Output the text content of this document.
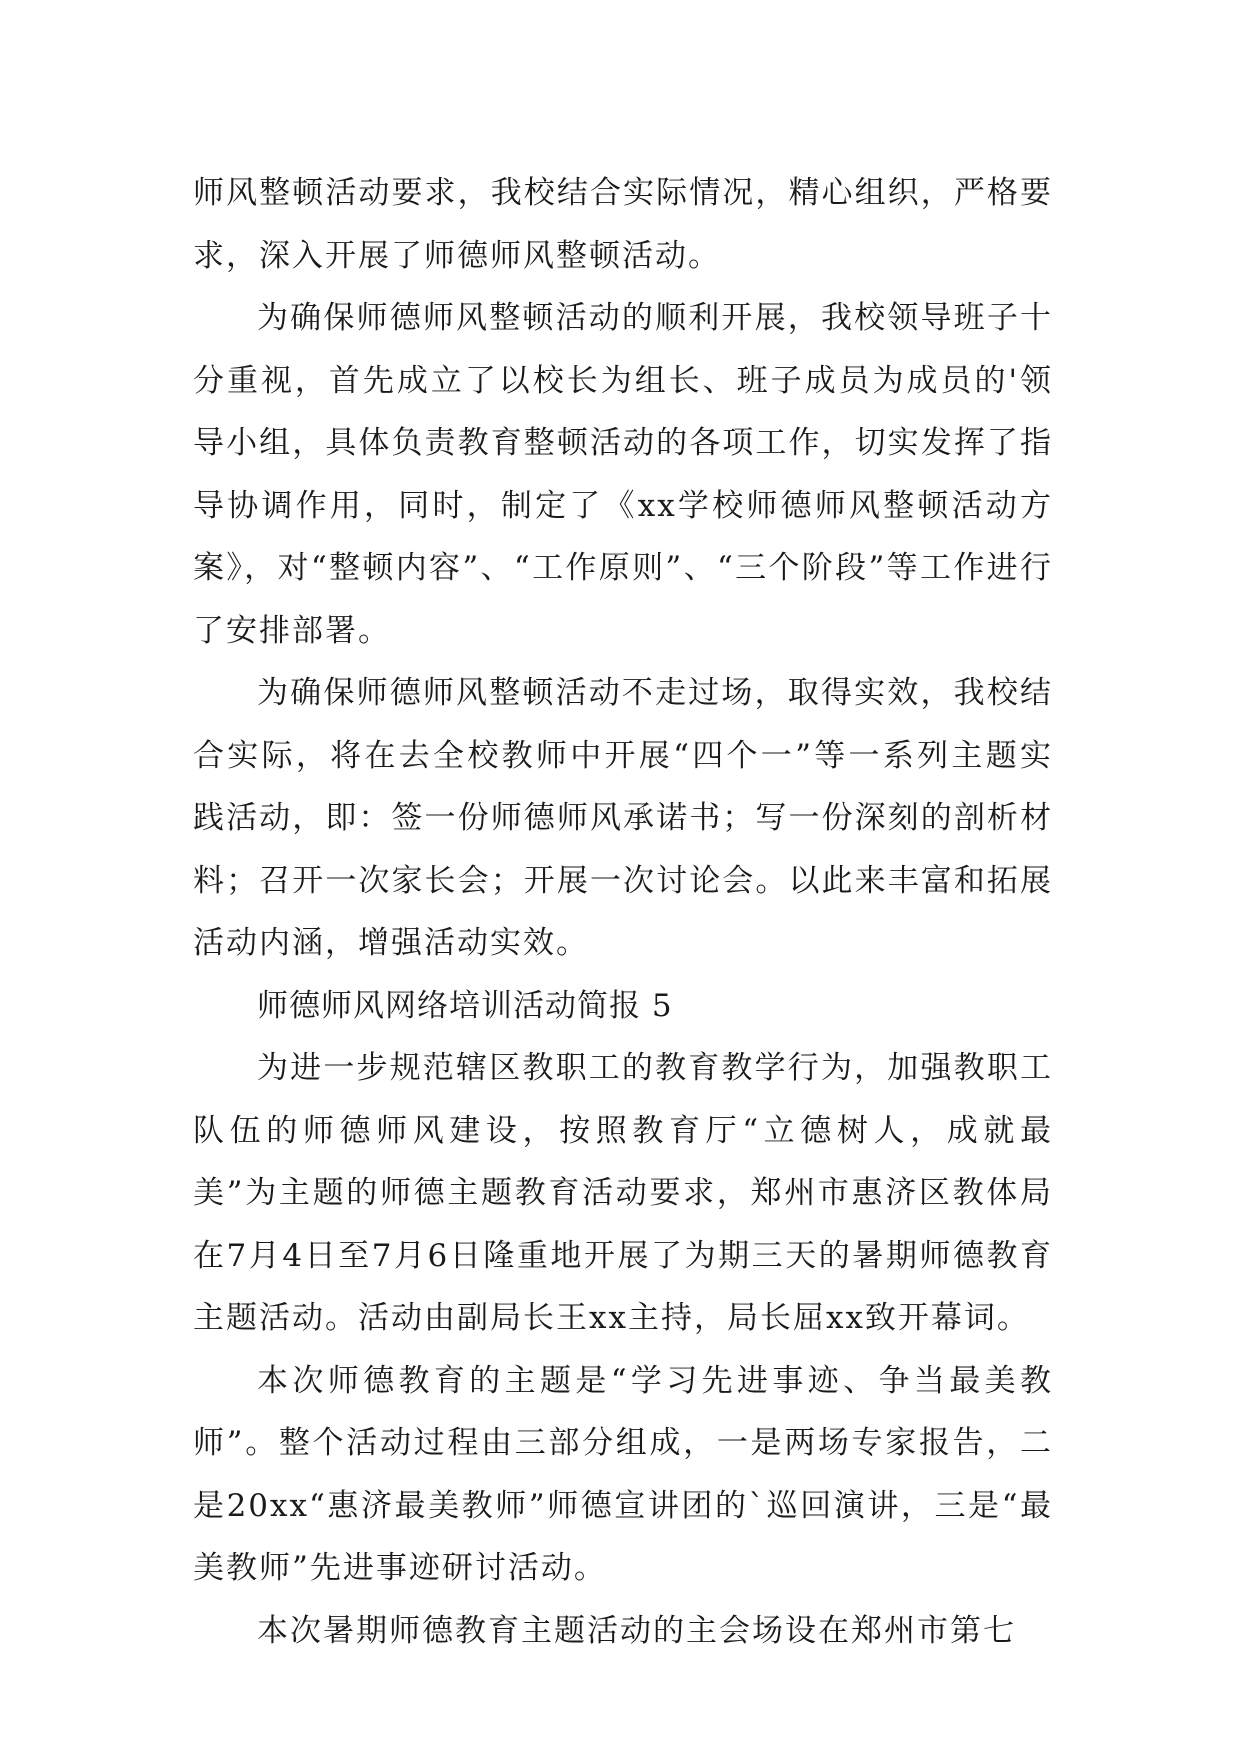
师风整顿活动要求，我校结合实际情况，精心组织，严格要求，深入开展了师德师风整顿活动。

为确保师德师风整顿活动的顺利开展，我校领导班子十分重视，首先成立了以校长为组长、班子成员为成员的'领导小组，具体负责教育整顿活动的各项工作，切实发挥了指导协调作用，同时，制定了《xx学校师德师风整顿活动方案》，对“整顿内容”、“工作原则”、“三个阶段”等工作进行了安排部署。

为确保师德师风整顿活动不走过场，取得实效，我校结合实际，将在去全校教师中开展“四个一”等一系列主题实践活动，即：签一份师德师风承诺书；写一份深刻的剖析材料；召开一次家长会；开展一次讨论会。以此来丰富和拓展活动内涵，增强活动实效。

师德师风网络培训活动简报 5

为进一步规范辖区教职工的教育教学行为，加强教职工队伍的师德师风建设，按照教育厅“立德树人，成就最美”为主题的师德主题教育活动要求，郑州市惠济区教体局在7月4日至7月6日隆重地开展了为期三天的暑期师德教育主题活动。活动由副局长王xx主持，局长屈xx致开幕词。

本次师德教育的主题是“学习先进事迹、争当最美教师”。整个活动过程由三部分组成，一是两场专家报告，二是20xx“惠济最美教师”师德宣讲团的`巡回演讲，三是“最美教师”先进事迹研讨活动。

本次暑期师德教育主题活动的主会场设在郑州市第七
